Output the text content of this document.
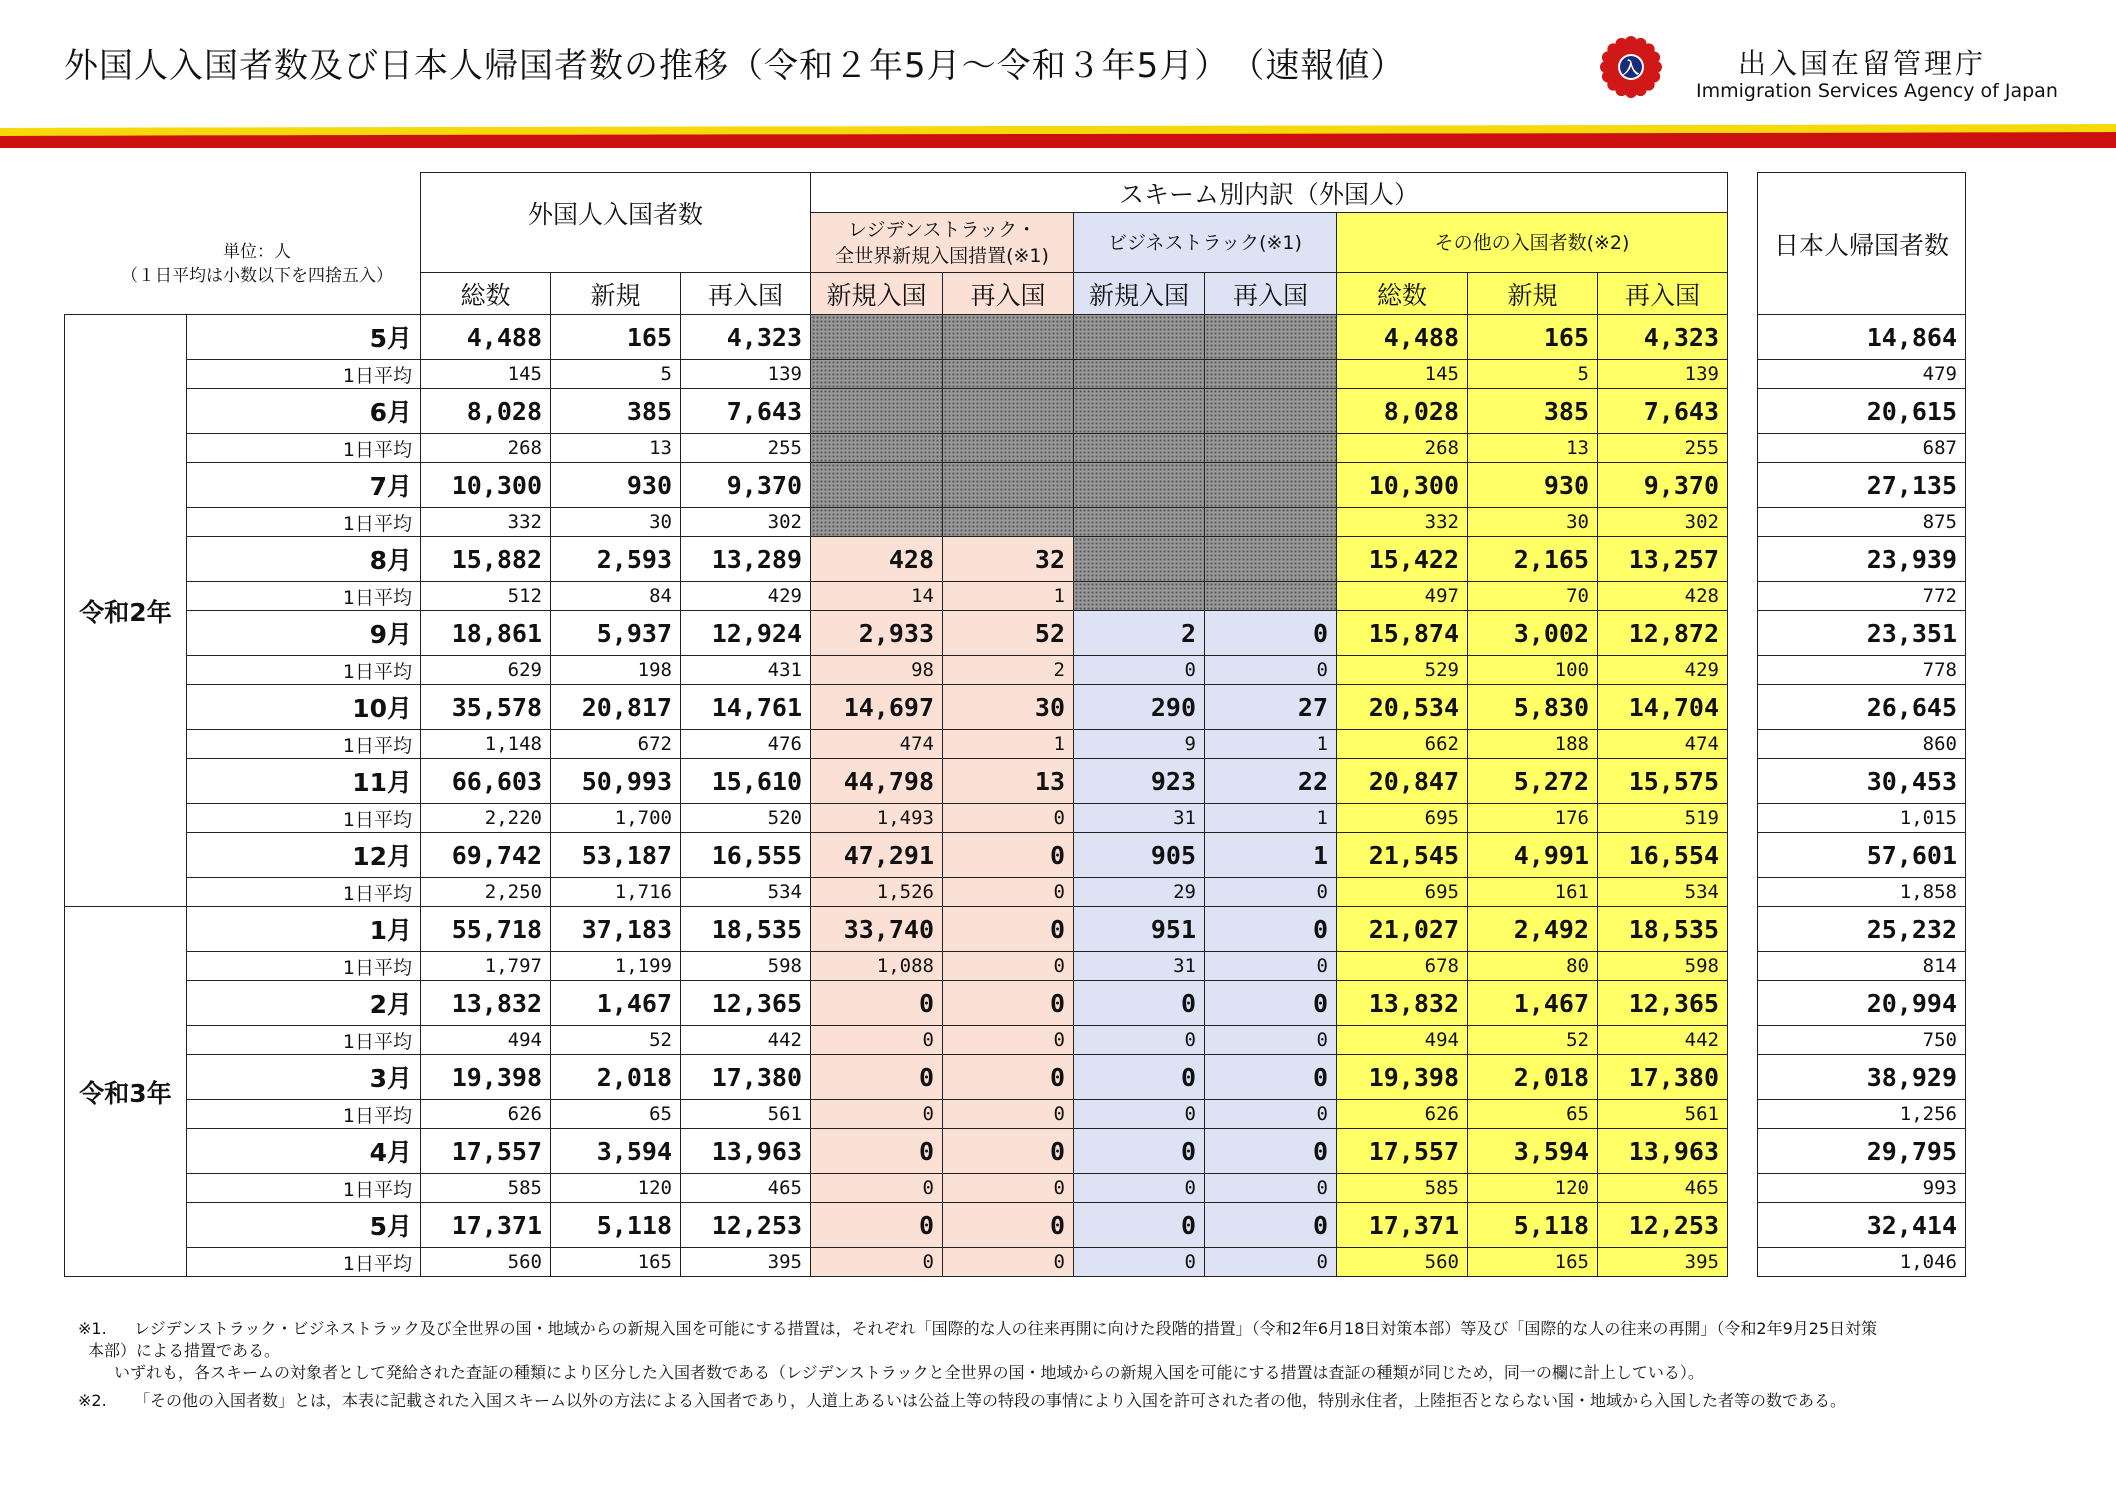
外国人入国者数及び日本人帰国者数の推移（令和２年5月～令和３年5月）　（速報値）	入	出入国在留管理庁
Immigration Services Agency of Japan
単位：人
（１日平均は小数以下を四捨五入）
		外国人入国者数			スキーム別内訳（外国人）								日本人帰国者数

					レジデンストラック・
全世界新規入国措置(※1)		ビジネストラック(※1)		その他の入国者数(※2)				
		総数	新規	再入国	新規入国	再入国	新規入国	再入国	総数	新規	再入国		
令和2年	5月	4,488	165	4,323					4,488	165	4,323		14,864
	1日平均	145	5	139					145	5	139		479
	6月	8,028	385	7,643					8,028	385	7,643		20,615
	1日平均	268	13	255					268	13	255		687
	7月	10,300	930	9,370					10,300	930	9,370		27,135
	1日平均	332	30	302					332	30	302		875
	8月	15,882	2,593	13,289	428	32			15,422	2,165	13,257		23,939
	1日平均	512	84	429	14	1			497	70	428		772
	9月	18,861	5,937	12,924	2,933	52	2	0	15,874	3,002	12,872		23,351
	1日平均	629	198	431	98	2	0	0	529	100	429		778
	10月	35,578	20,817	14,761	14,697	30	290	27	20,534	5,830	14,704		26,645
	1日平均	1,148	672	476	474	1	9	1	662	188	474		860
	11月	66,603	50,993	15,610	44,798	13	923	22	20,847	5,272	15,575		30,453
	1日平均	2,220	1,700	520	1,493	0	31	1	695	176	519		1,015
	12月	69,742	53,187	16,555	47,291	0	905	1	21,545	4,991	16,554		57,601
	1日平均	2,250	1,716	534	1,526	0	29	0	695	161	534		1,858
令和3年	1月	55,718	37,183	18,535	33,740	0	951	0	21,027	2,492	18,535		25,232
	1日平均	1,797	1,199	598	1,088	0	31	0	678	80	598		814
	2月	13,832	1,467	12,365	0	0	0	0	13,832	1,467	12,365		20,994
	1日平均	494	52	442	0	0	0	0	494	52	442		750
	3月	19,398	2,018	17,380	0	0	0	0	19,398	2,018	17,380		38,929
	1日平均	626	65	561	0	0	0	0	626	65	561		1,256
	4月	17,557	3,594	13,963	0	0	0	0	17,557	3,594	13,963		29,795
	1日平均	585	120	465	0	0	0	0	585	120	465		993
	5月	17,371	5,118	12,253	0	0	0	0	17,371	5,118	12,253		32,414
	1日平均	560	165	395	0	0	0	0	560	165	395		1,046
※1. レジデンストラック・ビジネストラック及び全世界の国・地域からの新規入国を可能にする措置は，それぞれ「国際的な人の往来再開に向けた段階的措置」（令和2年6月18日対策本部）等及び「国際的な人の往来の再開」（令和2年9月25日対策
本部）による措置である。
いずれも，各スキームの対象者として発給された査証の種類により区分した入国者数である（レジデンストラックと全世界の国・地域からの新規入国を可能にする措置は査証の種類が同じため，同一の欄に計上している）。
※2. 「その他の入国者数」とは，本表に記載された入国スキーム以外の方法による入国者であり，人道上あるいは公益上等の特段の事情により入国を許可された者の他，特別永住者，上陸拒否とならない国・地域から入国した者等の数である。
